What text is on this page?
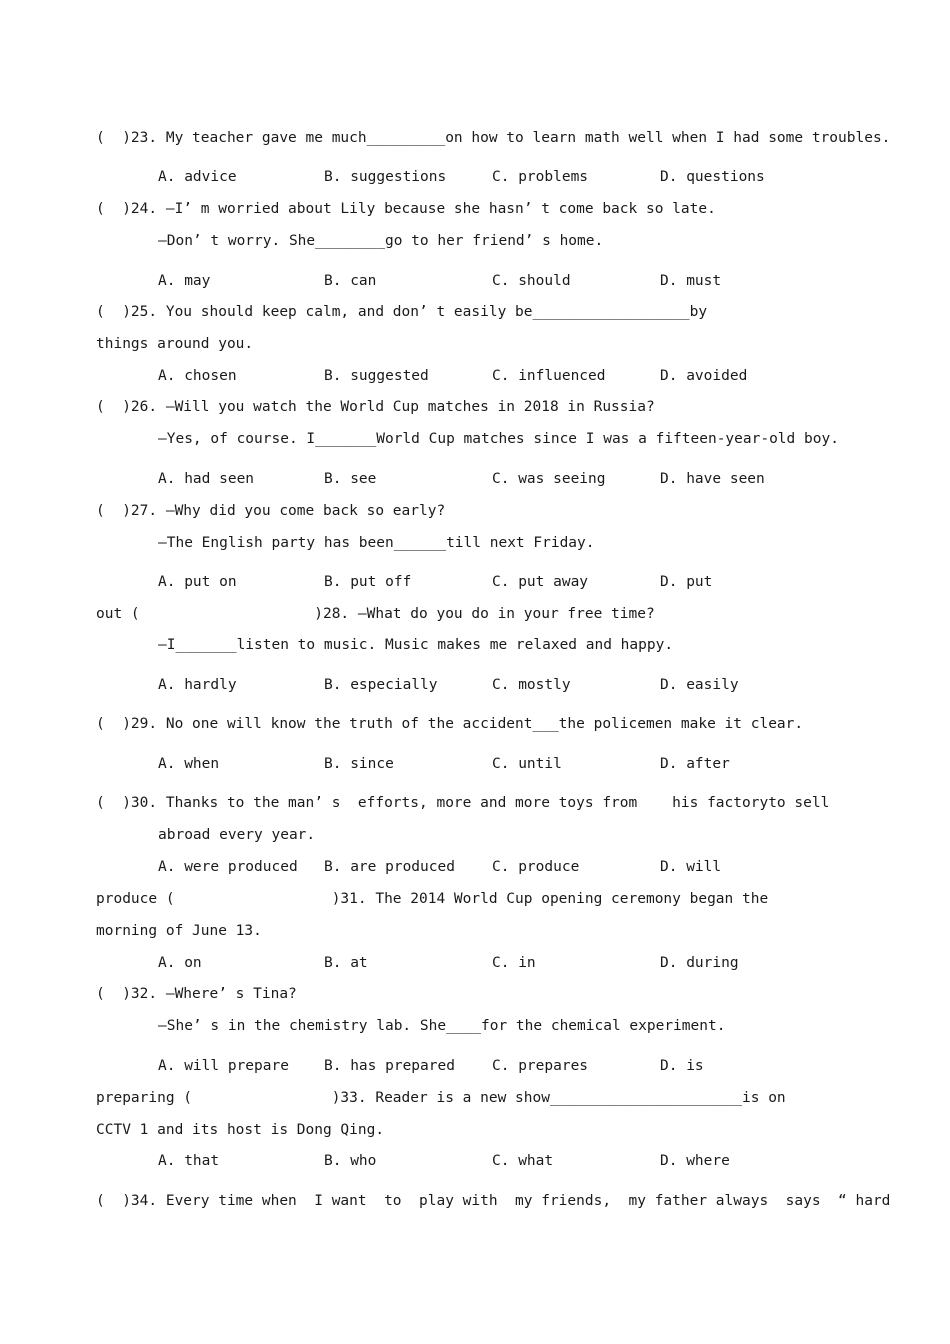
(  )23. My teacher gave me much_________on how to learn math well when I had some troubles.
A. advice	B. suggestions	C. problems	D. questions
(  )24. —I’ m worried about Lily because she hasn’ t come back so late.
—Don’ t worry. She________go to her friend’ s home.
A. may	B. can	C. should	D. must
(  )25. You should keep calm, and don’ t easily be__________________by
things around you.
A. chosen	B. suggested	C. influenced	D. avoided
(  )26. —Will you watch the World Cup matches in 2018 in Russia?
—Yes, of course. I_______World Cup matches since I was a fifteen-year-old boy.
A. had seen	B. see	C. was seeing	D. have seen
(  )27. —Why did you come back so early?
—The English party has been______till next Friday.
A. put on	B. put off	C. put away	D. put
out (                    )28. —What do you do in your free time?
—I_______listen to music. Music makes me relaxed and happy.
A. hardly	B. especially	C. mostly	D. easily
(  )29. No one will know the truth of the accident___the policemen make it clear.
A. when	B. since	C. until	D. after
(  )30. Thanks to the man’ s  efforts, more and more toys from    his factoryto sell
abroad every year.
A. were produced B. are produced	C. produce	D. will
produce (                  )31. The 2014 World Cup opening ceremony began the
morning of June 13.
A. on	B. at	C. in	D. during
(  )32. —Where’ s Tina?
—She’ s in the chemistry lab. She____for the chemical experiment.
A. will prepare B. has prepared	C. prepares	D. is
preparing (                )33. Reader is a new show______________________is on
CCTV 1 and its host is Dong Qing.
A. that	B. who	C. what	D. where
(  )34. Every time when  I want  to  play with  my friends,  my father always  says  “ hard
